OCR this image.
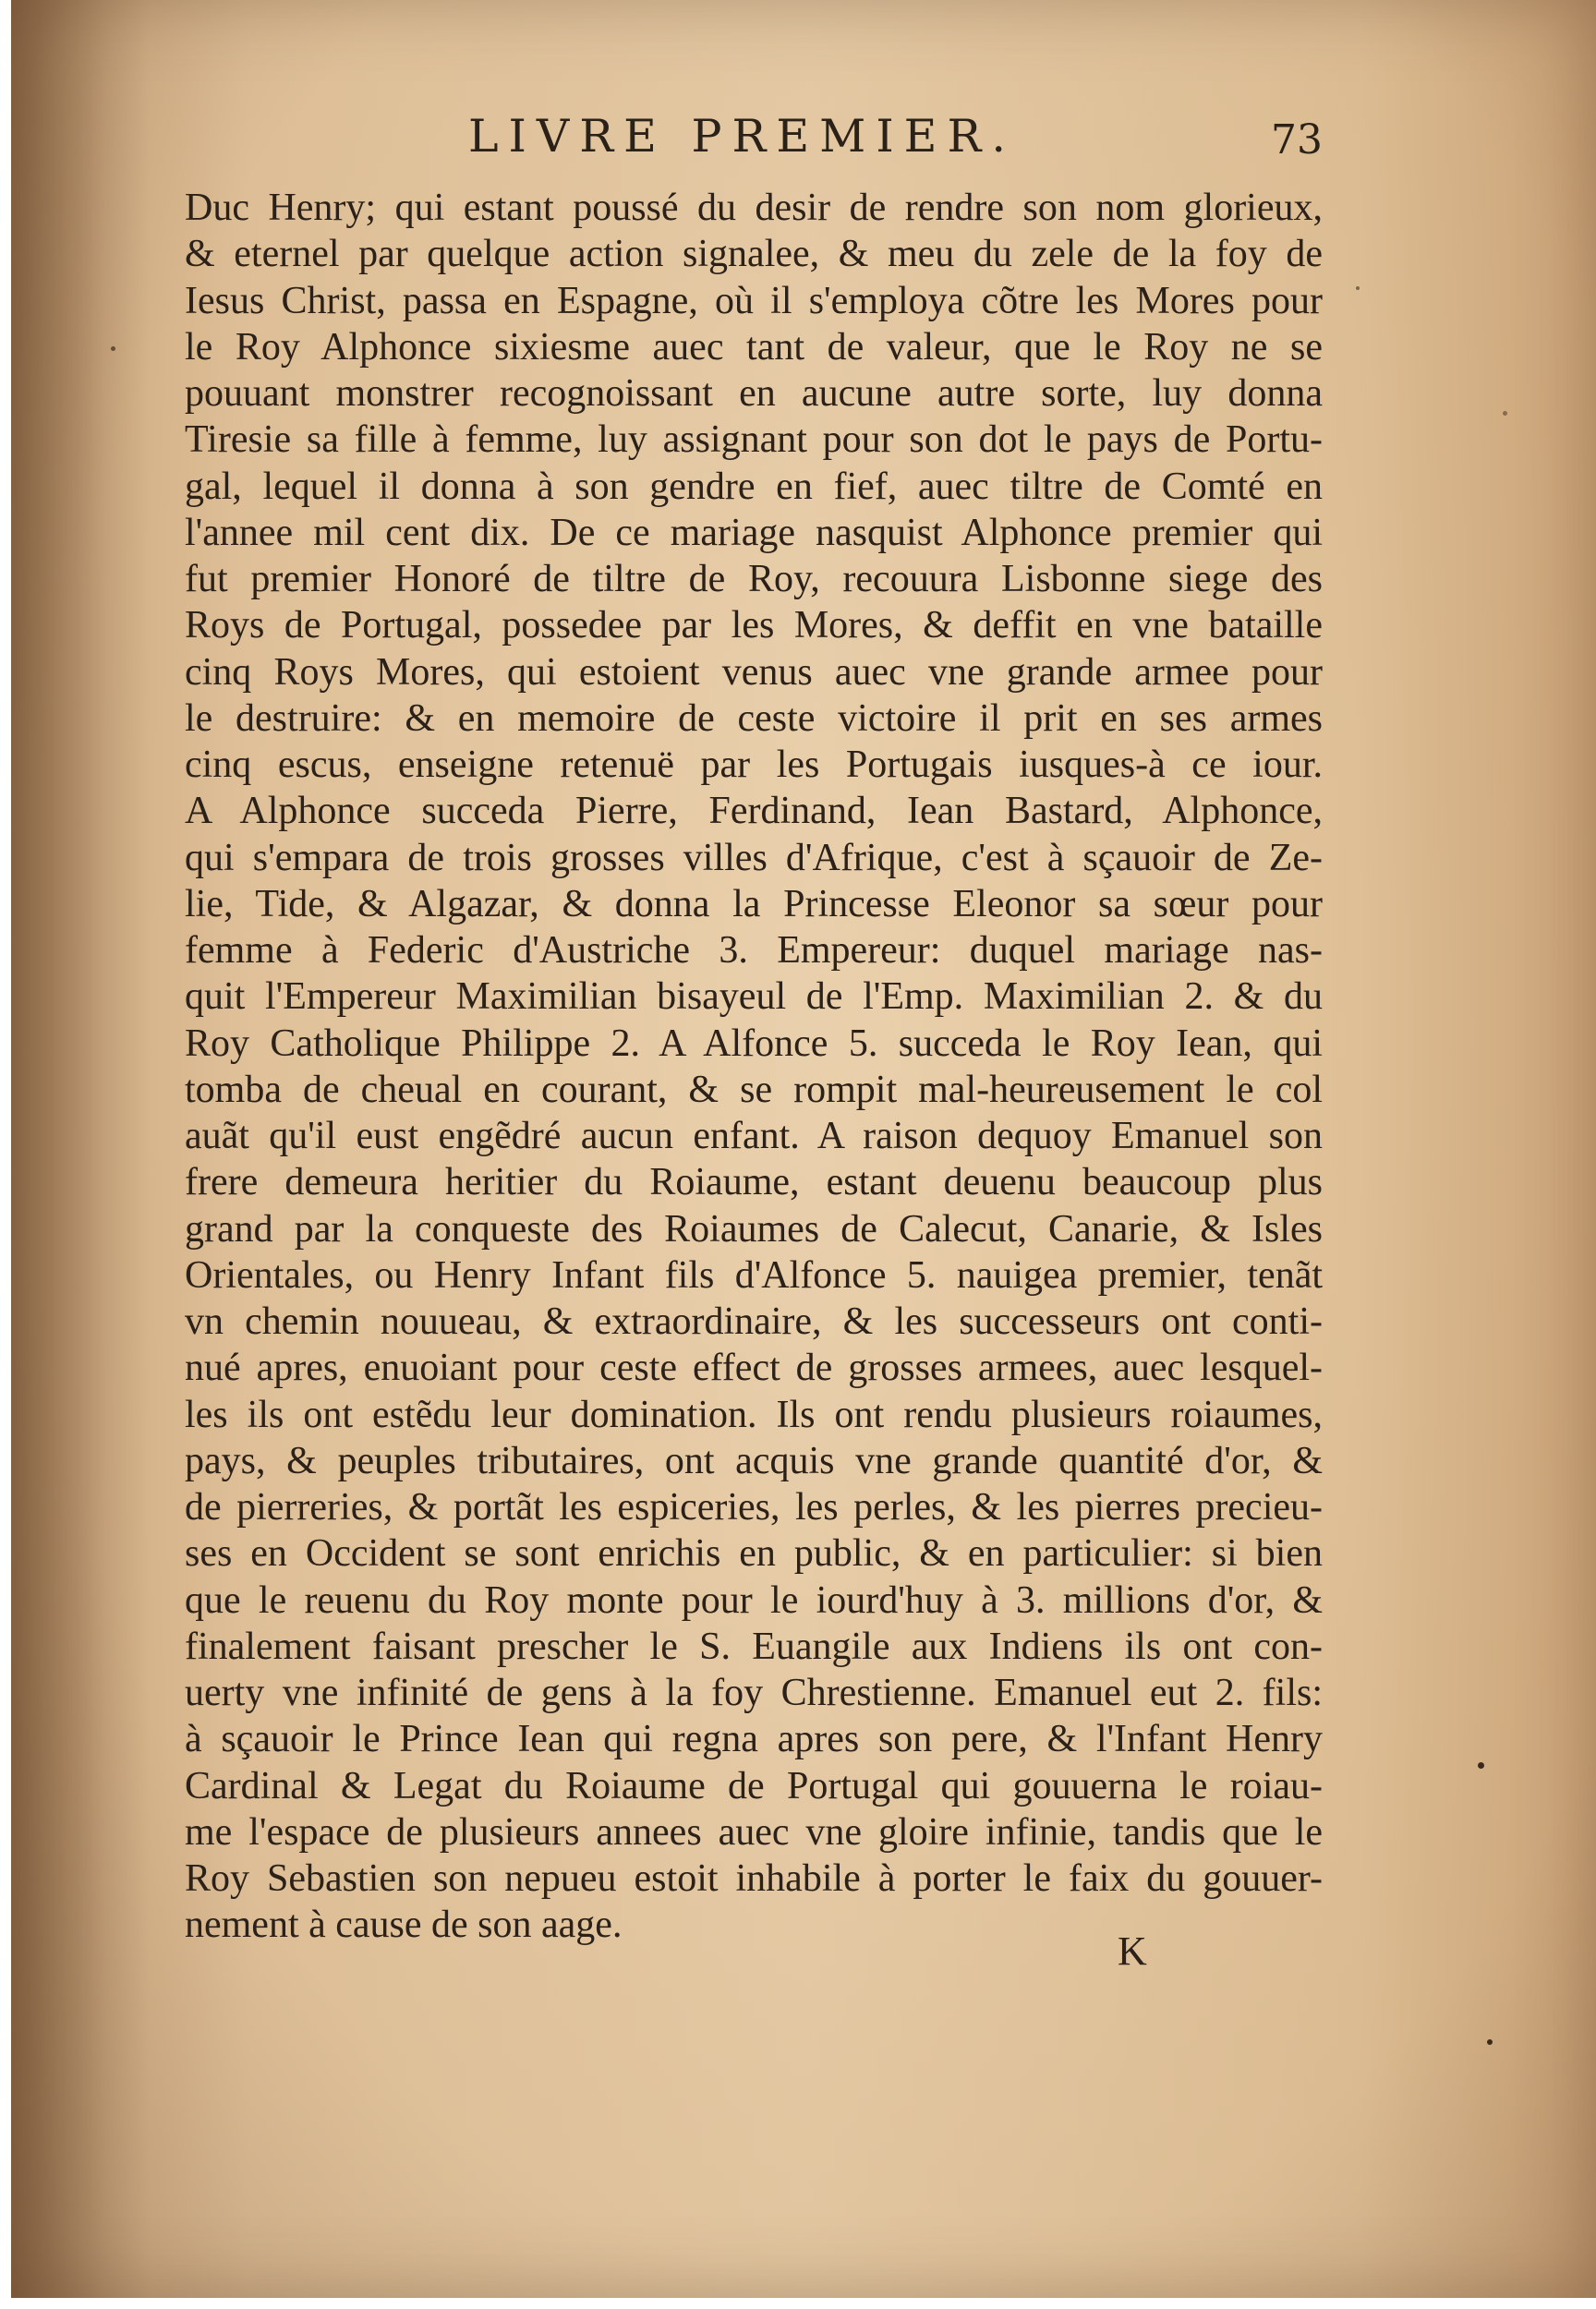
LIVRE PREMIER.	73
Duc Henry; qui estant poussé du desir de rendre son nom glorieux,
& eternel par quelque action signalee, & meu du zele de la foy de
Iesus Christ, passa en Espagne, où il s'employa cõtre les Mores pour
le Roy Alphonce sixiesme auec tant de valeur, que le Roy ne se
pouuant monstrer recognoissant en aucune autre sorte, luy donna
Tiresie sa fille à femme, luy assignant pour son dot le pays de Portu-
gal, lequel il donna à son gendre en fief, auec tiltre de Comté en
l'annee mil cent dix. De ce mariage nasquist Alphonce premier qui
fut premier Honoré de tiltre de Roy, recouura Lisbonne siege des
Roys de Portugal, possedee par les Mores, & deffit en vne bataille
cinq Roys Mores, qui estoient venus auec vne grande armee pour
le destruire: & en memoire de ceste victoire il prit en ses armes
cinq escus, enseigne retenuë par les Portugais iusques-à ce iour.
A Alphonce succeda Pierre, Ferdinand, Iean Bastard, Alphonce,
qui s'empara de trois grosses villes d'Afrique, c'est à sçauoir de Ze-
lie, Tide, & Algazar, & donna la Princesse Eleonor sa sœur pour
femme à Federic d'Austriche 3. Empereur: duquel mariage nas-
quit l'Empereur Maximilian bisayeul de l'Emp. Maximilian 2. & du
Roy Catholique Philippe 2. A Alfonce 5. succeda le Roy Iean, qui
tomba de cheual en courant, & se rompit mal-heureusement le col
auãt qu'il eust engẽdré aucun enfant. A raison dequoy Emanuel son
frere demeura heritier du Roiaume, estant deuenu beaucoup plus
grand par la conqueste des Roiaumes de Calecut, Canarie, & Isles
Orientales, ou Henry Infant fils d'Alfonce 5. nauigea premier, tenãt
vn chemin nouueau, & extraordinaire, & les successeurs ont conti-
nué apres, enuoiant pour ceste effect de grosses armees, auec lesquel-
les ils ont estẽdu leur domination. Ils ont rendu plusieurs roiaumes,
pays, & peuples tributaires, ont acquis vne grande quantité d'or, &
de pierreries, & portãt les espiceries, les perles, & les pierres precieu-
ses en Occident se sont enrichis en public, & en particulier: si bien
que le reuenu du Roy monte pour le iourd'huy à 3. millions d'or, &
finalement faisant prescher le S. Euangile aux Indiens ils ont con-
uerty vne infinité de gens à la foy Chrestienne. Emanuel eut 2. fils:
à sçauoir le Prince Iean qui regna apres son pere, & l'Infant Henry
Cardinal & Legat du Roiaume de Portugal qui gouuerna le roiau-
me l'espace de plusieurs annees auec vne gloire infinie, tandis que le
Roy Sebastien son nepueu estoit inhabile à porter le faix du gouuer-
nement à cause de son aage.
K
